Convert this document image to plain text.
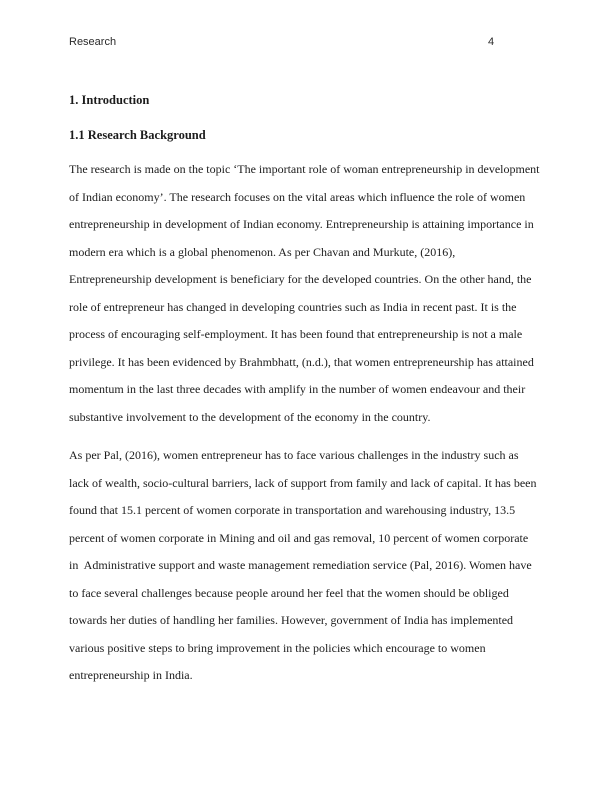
Research	4
1. Introduction
1.1 Research Background

The research is made on the topic ‘The important role of woman entrepreneurship in development of Indian economy’. The research focuses on the vital areas which influence the role of women entrepreneurship in development of Indian economy. Entrepreneurship is attaining importance in modern era which is a global phenomenon. As per Chavan and Murkute, (2016), Entrepreneurship development is beneficiary for the developed countries. On the other hand, the role of entrepreneur has changed in developing countries such as India in recent past. It is the process of encouraging self-employment. It has been found that entrepreneurship is not a male privilege. It has been evidenced by Brahmbhatt, (n.d.), that women entrepreneurship has attained momentum in the last three decades with amplify in the number of women endeavour and their substantive involvement to the development of the economy in the country.

As per Pal, (2016), women entrepreneur has to face various challenges in the industry such as lack of wealth, socio-cultural barriers, lack of support from family and lack of capital. It has been found that 15.1 percent of women corporate in transportation and warehousing industry, 13.5 percent of women corporate in Mining and oil and gas removal, 10 percent of women corporate in  Administrative support and waste management remediation service (Pal, 2016). Women have to face several challenges because people around her feel that the women should be obliged towards her duties of handling her families. However, government of India has implemented various positive steps to bring improvement in the policies which encourage to women entrepreneurship in India.
